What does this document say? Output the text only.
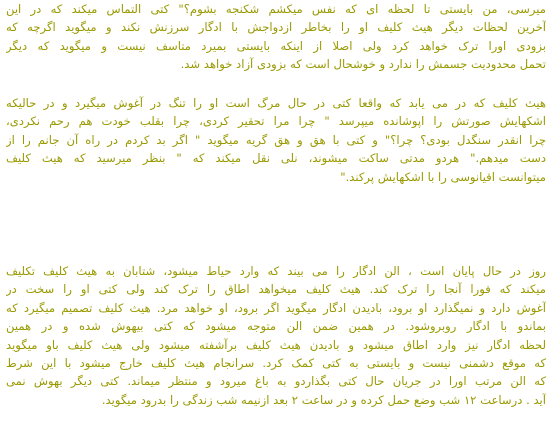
میرسی، من بایستی تا لحظه ای که نفس میکشم شکنجه بشوم؟" کتی التماس میکند که در این
آخرین لحظات دیگر هیث کلیف او را بخاطر ازدواجش با ادگار سرزنش نکند و میگوید اگرچه که
بزودی اورا ترک خواهد کرد ولی اصلا از اینکه بایستی بمیرد متاسف نیست و میگوید که دیگر
تحمل محدودیت جسمش را ندارد و خوشحال است که بزودی آزاد خواهد شد.
هیث کلیف که در می یابد که واقعا کتی در حال مرگ است او را تنگ در آغوش میگیرد و در حالیکه
اشکهایش صورتش را اپوشانده میپرسد " چرا مرا تحقیر کردی، چرا بقلب خودت هم رحم نکردی،
چرا انقدر سنگدل بودی؟ چرا؟" و کتی با هق و هق گریه میگوید " اگر بد کردم در راه آن جانم را از
دست میدهم." هردو مدتی ساکت میشوند، نلی نقل میکند که " بنظر میرسید که هیث کلیف
میتوانست اقیانوسی را با اشکهایش پرکند."
روز در حال پایان است ، الن ادگار را می بیند که وارد حیاط میشود، شتابان به هیث کلیف تکلیف
میکند که فورا آنجا را ترک کند. هیث کلیف میخواهد اطاق را ترک کند ولی کتی او را سخت در
آغوش دارد و نمیگذارد او برود، بادیدن ادگار میگوید اگر برود، او خواهد مرد. هیث کلیف تصمیم میگیرد که
بماندو با ادگار روبروشود. در همین ضمن الن متوجه میشود که کتی بیهوش شده و در همین
لحظه ادگار نیز وارد اطاق میشود و بادیدن هیث کلیف برآشفته میشود ولی هیث کلیف باو میگوید
که موقع دشمنی نیست و بایستی به کتی کمک کرد. سرانجام هیث کلیف خارج میشود با این شرط
که الن مرتب اورا در جریان حال کتی بگذاردو به باغ میرود و منتظر میماند. کتی دیگر بهوش نمی
آید . درساعت ۱۲ شب وضع حمل کرده و در ساعت ۲ بعد ازنیمه شب زندگی را بدرود میگوید.
